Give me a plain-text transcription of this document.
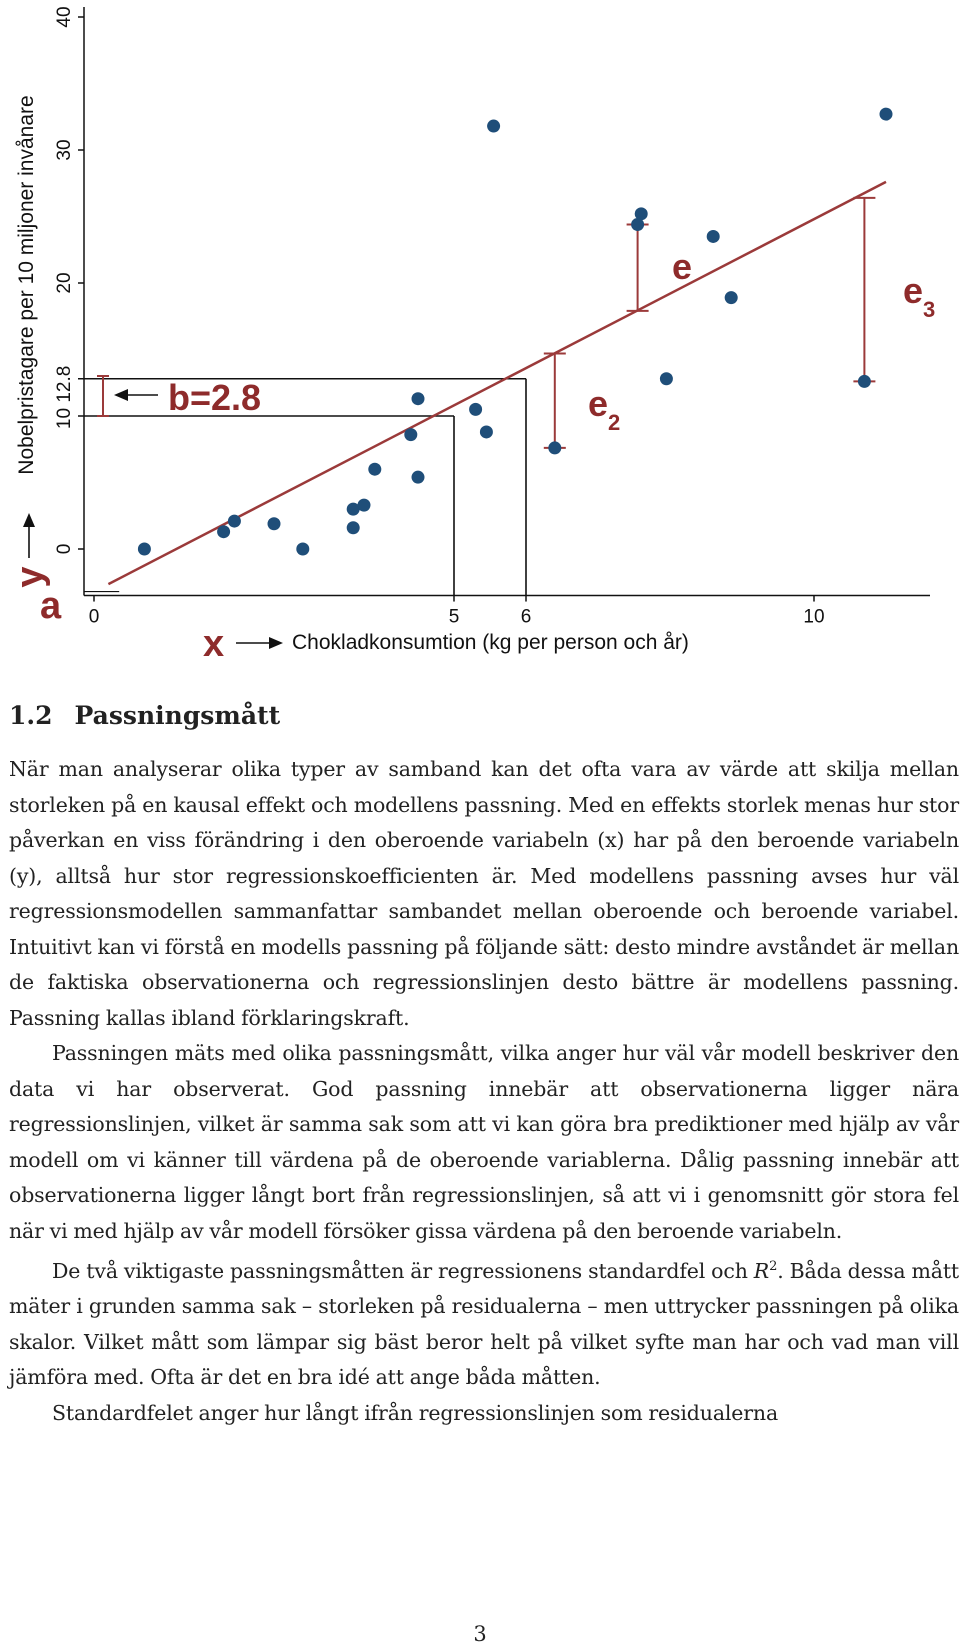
40
30
20
10 12.8
0
0	5	6	10
Nobelpristagare per 10 miljoner invånare
Chokladkonsumtion (kg per person och år)
y
a
x
b=2.8
e
$e_2$
$e_3$
1.2 Passningsmått

När man analyserar olika typer av samband kan det ofta vara av värde att skilja mellan storleken på en kausal effekt och modellens passning. Med en effekts storlek menas hur stor påverkan en viss förändring i den oberoende variabeln (x) har på den beroende variabeln (y), alltså hur stor regressionskoefficienten är. Med modellens passning avses hur väl regressionsmodellen sammanfattar sambandet mellan oberoende och beroende variabel. Intuitivt kan vi förstå en modells passning på följande sätt: desto mindre avståndet är mellan de faktiska observationerna och regressionslinjen desto bättre är modellens passning. Passning kallas ibland förklaringskraft.

Passningen mäts med olika passningsmått, vilka anger hur väl vår modell beskriver den data vi har observerat. God passning innebär att observationerna ligger nära regressionslinjen, vilket är samma sak som att vi kan göra bra prediktioner med hjälp av vår modell om vi känner till värdena på de oberoende variablerna. Dålig passning innebär att observationerna ligger långt bort från regressionslinjen, så att vi i genomsnitt gör stora fel när vi med hjälp av vår modell försöker gissa värdena på den beroende variabeln.

De två viktigaste passningsmåtten är regressionens standardfel och $R^2$. Båda dessa mått mäter i grunden samma sak – storleken på residualerna – men uttrycker passningen på olika skalor. Vilket mått som lämpar sig bäst beror helt på vilket syfte man har och vad man vill jämföra med. Ofta är det en bra idé att ange båda måtten.

Standardfelet anger hur långt ifrån regressionslinjen som residualerna

3
